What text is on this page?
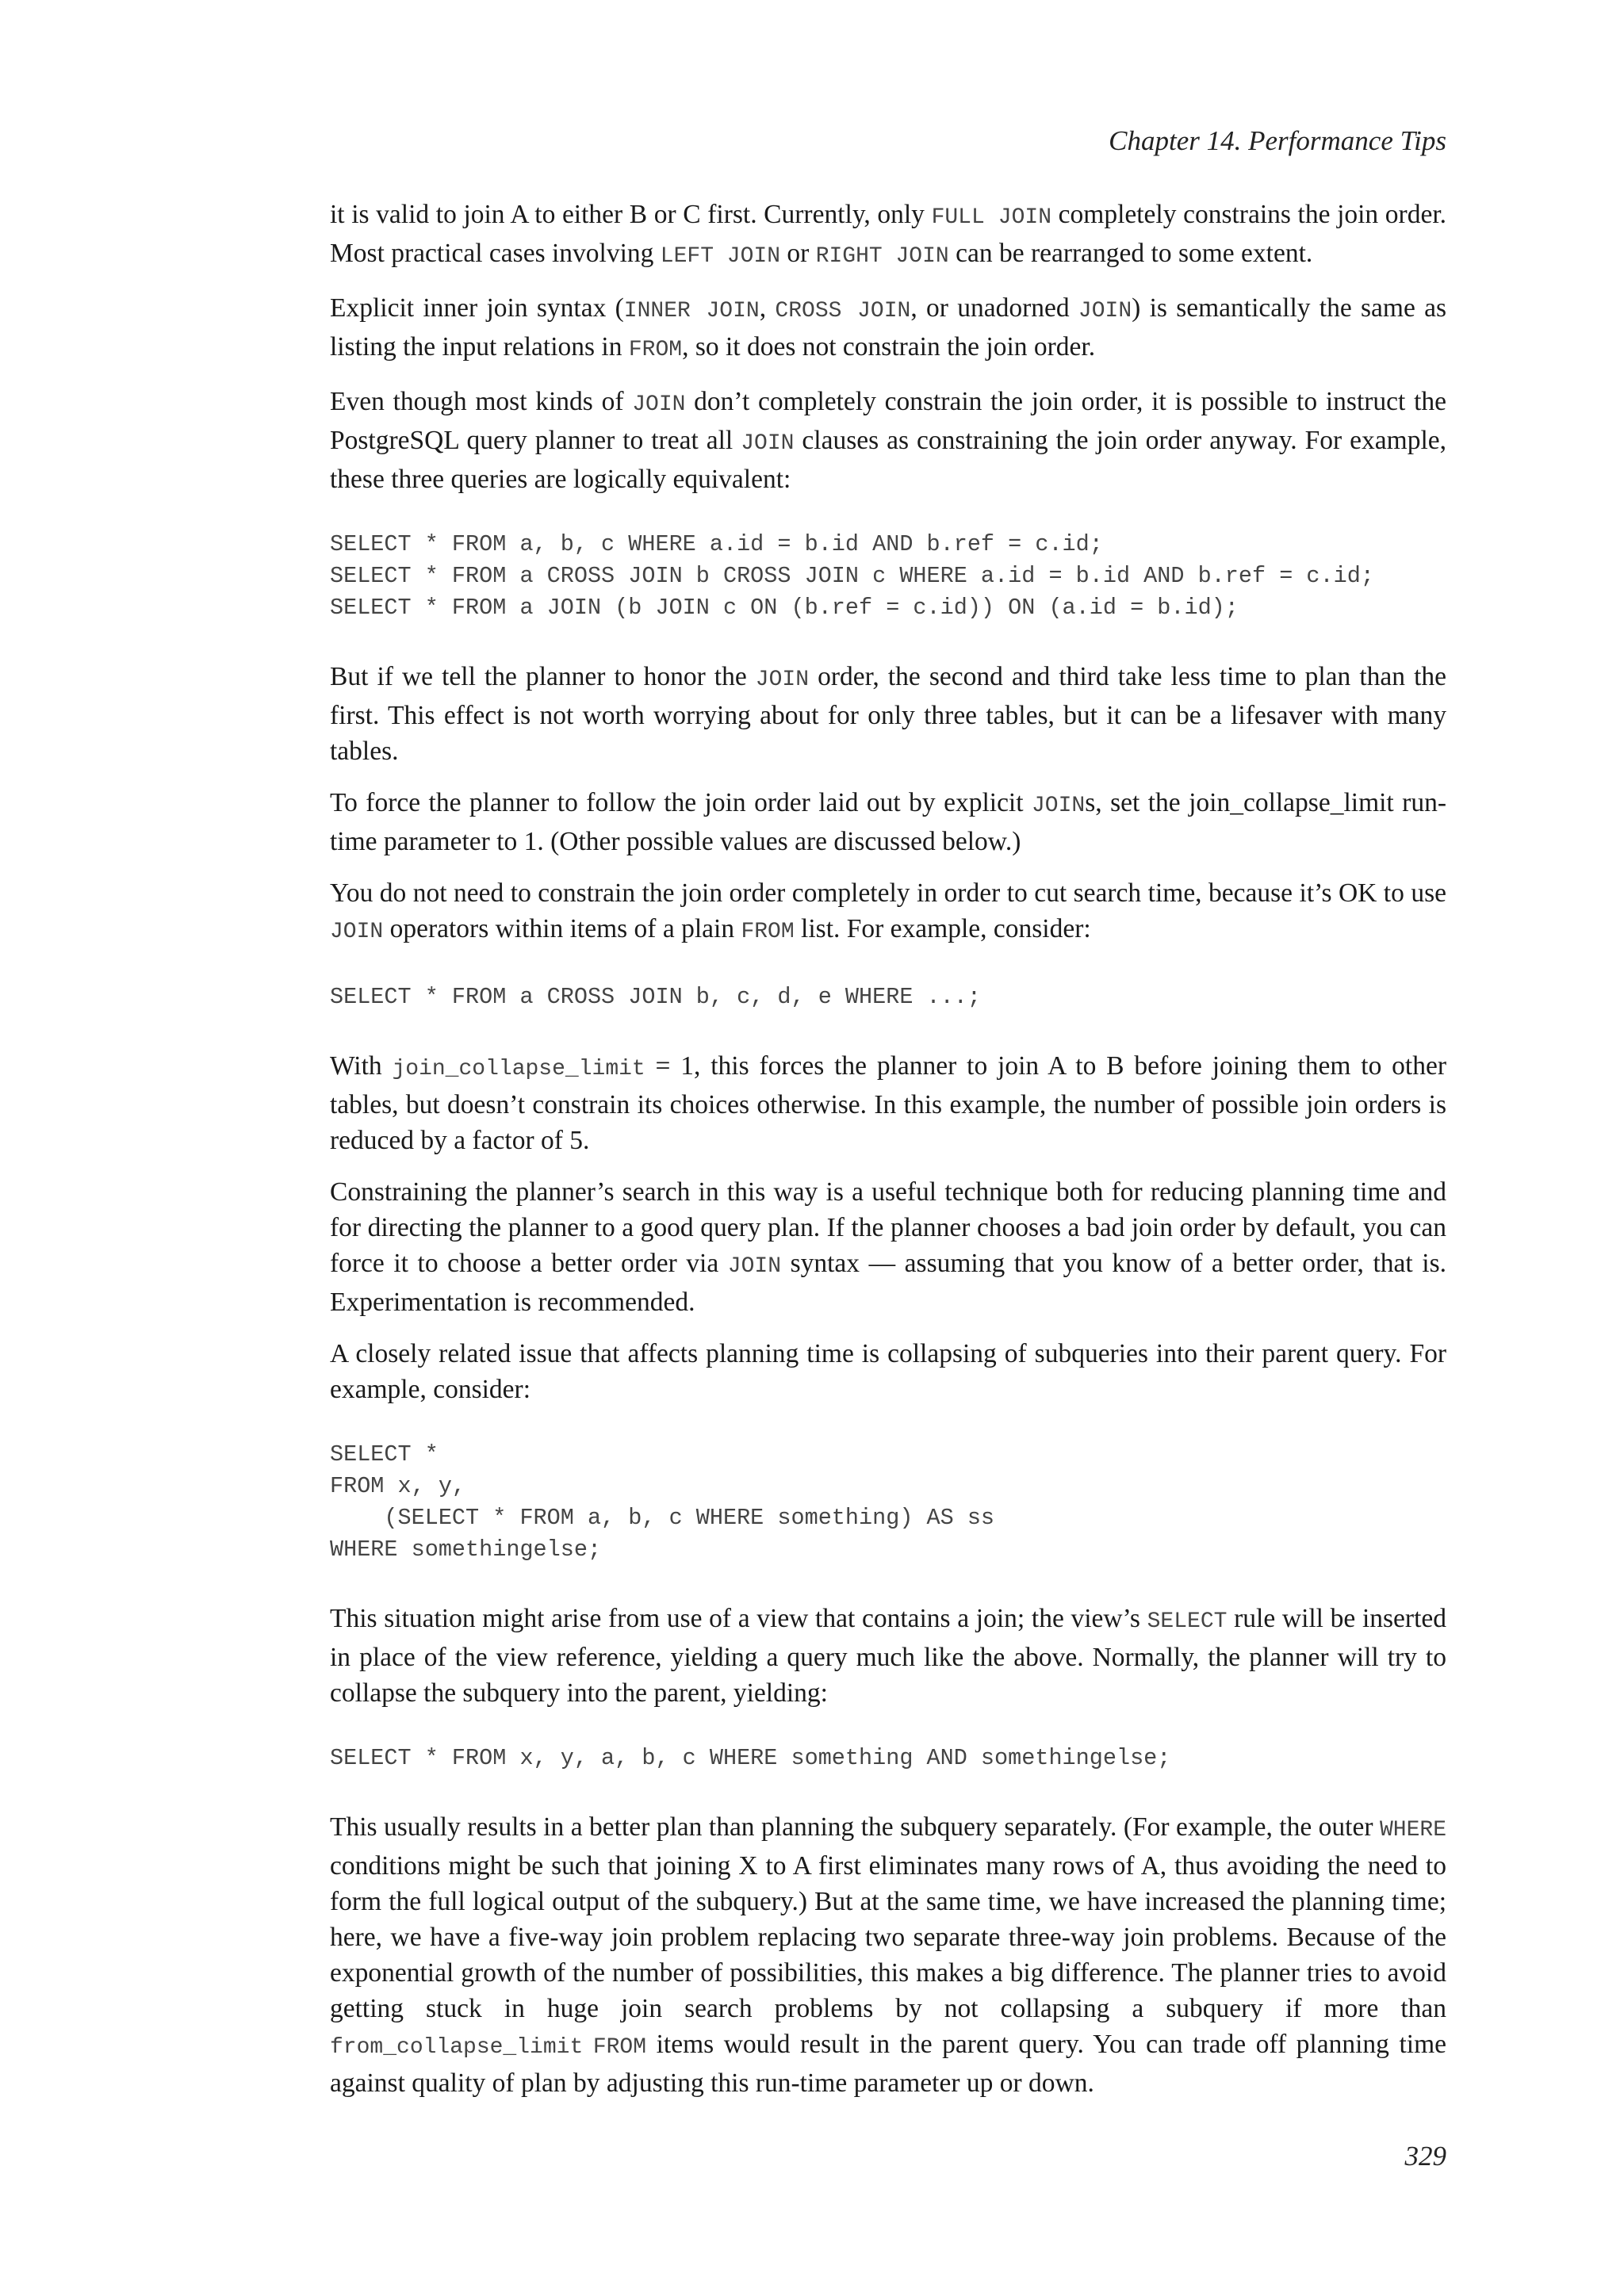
Chapter 14. Performance Tips

it is valid to join A to either B or C first. Currently, only FULL JOIN completely constrains the join order. Most practical cases involving LEFT JOIN or RIGHT JOIN can be rearranged to some extent.

Explicit inner join syntax (INNER JOIN, CROSS JOIN, or unadorned JOIN) is semantically the same as listing the input relations in FROM, so it does not constrain the join order.

Even though most kinds of JOIN don’t completely constrain the join order, it is possible to instruct the PostgreSQL query planner to treat all JOIN clauses as constraining the join order anyway. For example, these three queries are logically equivalent:

SELECT * FROM a, b, c WHERE a.id = b.id AND b.ref = c.id;
SELECT * FROM a CROSS JOIN b CROSS JOIN c WHERE a.id = b.id AND b.ref = c.id;
SELECT * FROM a JOIN (b JOIN c ON (b.ref = c.id)) ON (a.id = b.id);

But if we tell the planner to honor the JOIN order, the second and third take less time to plan than the first. This effect is not worth worrying about for only three tables, but it can be a lifesaver with many tables.

To force the planner to follow the join order laid out by explicit JOINs, set the join_collapse_limit run-time parameter to 1. (Other possible values are discussed below.)

You do not need to constrain the join order completely in order to cut search time, because it’s OK to use JOIN operators within items of a plain FROM list. For example, consider:

SELECT * FROM a CROSS JOIN b, c, d, e WHERE ...;

With join_collapse_limit = 1, this forces the planner to join A to B before joining them to other tables, but doesn’t constrain its choices otherwise. In this example, the number of possible join orders is reduced by a factor of 5.

Constraining the planner’s search in this way is a useful technique both for reducing planning time and for directing the planner to a good query plan. If the planner chooses a bad join order by default, you can force it to choose a better order via JOIN syntax — assuming that you know of a better order, that is. Experimentation is recommended.

A closely related issue that affects planning time is collapsing of subqueries into their parent query. For example, consider:

SELECT *
FROM x, y,
(SELECT * FROM a, b, c WHERE something) AS ss
WHERE somethingelse;

This situation might arise from use of a view that contains a join; the view’s SELECT rule will be inserted in place of the view reference, yielding a query much like the above. Normally, the planner will try to collapse the subquery into the parent, yielding:

SELECT * FROM x, y, a, b, c WHERE something AND somethingelse;

This usually results in a better plan than planning the subquery separately. (For example, the outer WHERE conditions might be such that joining X to A first eliminates many rows of A, thus avoiding the need to form the full logical output of the subquery.) But at the same time, we have increased the planning time; here, we have a five-way join problem replacing two separate three-way join problems. Because of the exponential growth of the number of possibilities, this makes a big difference. The planner tries to avoid getting stuck in huge join search problems by not collapsing a subquery if more than from_collapse_limit FROM items would result in the parent query. You can trade off planning time against quality of plan by adjusting this run-time parameter up or down.

329
